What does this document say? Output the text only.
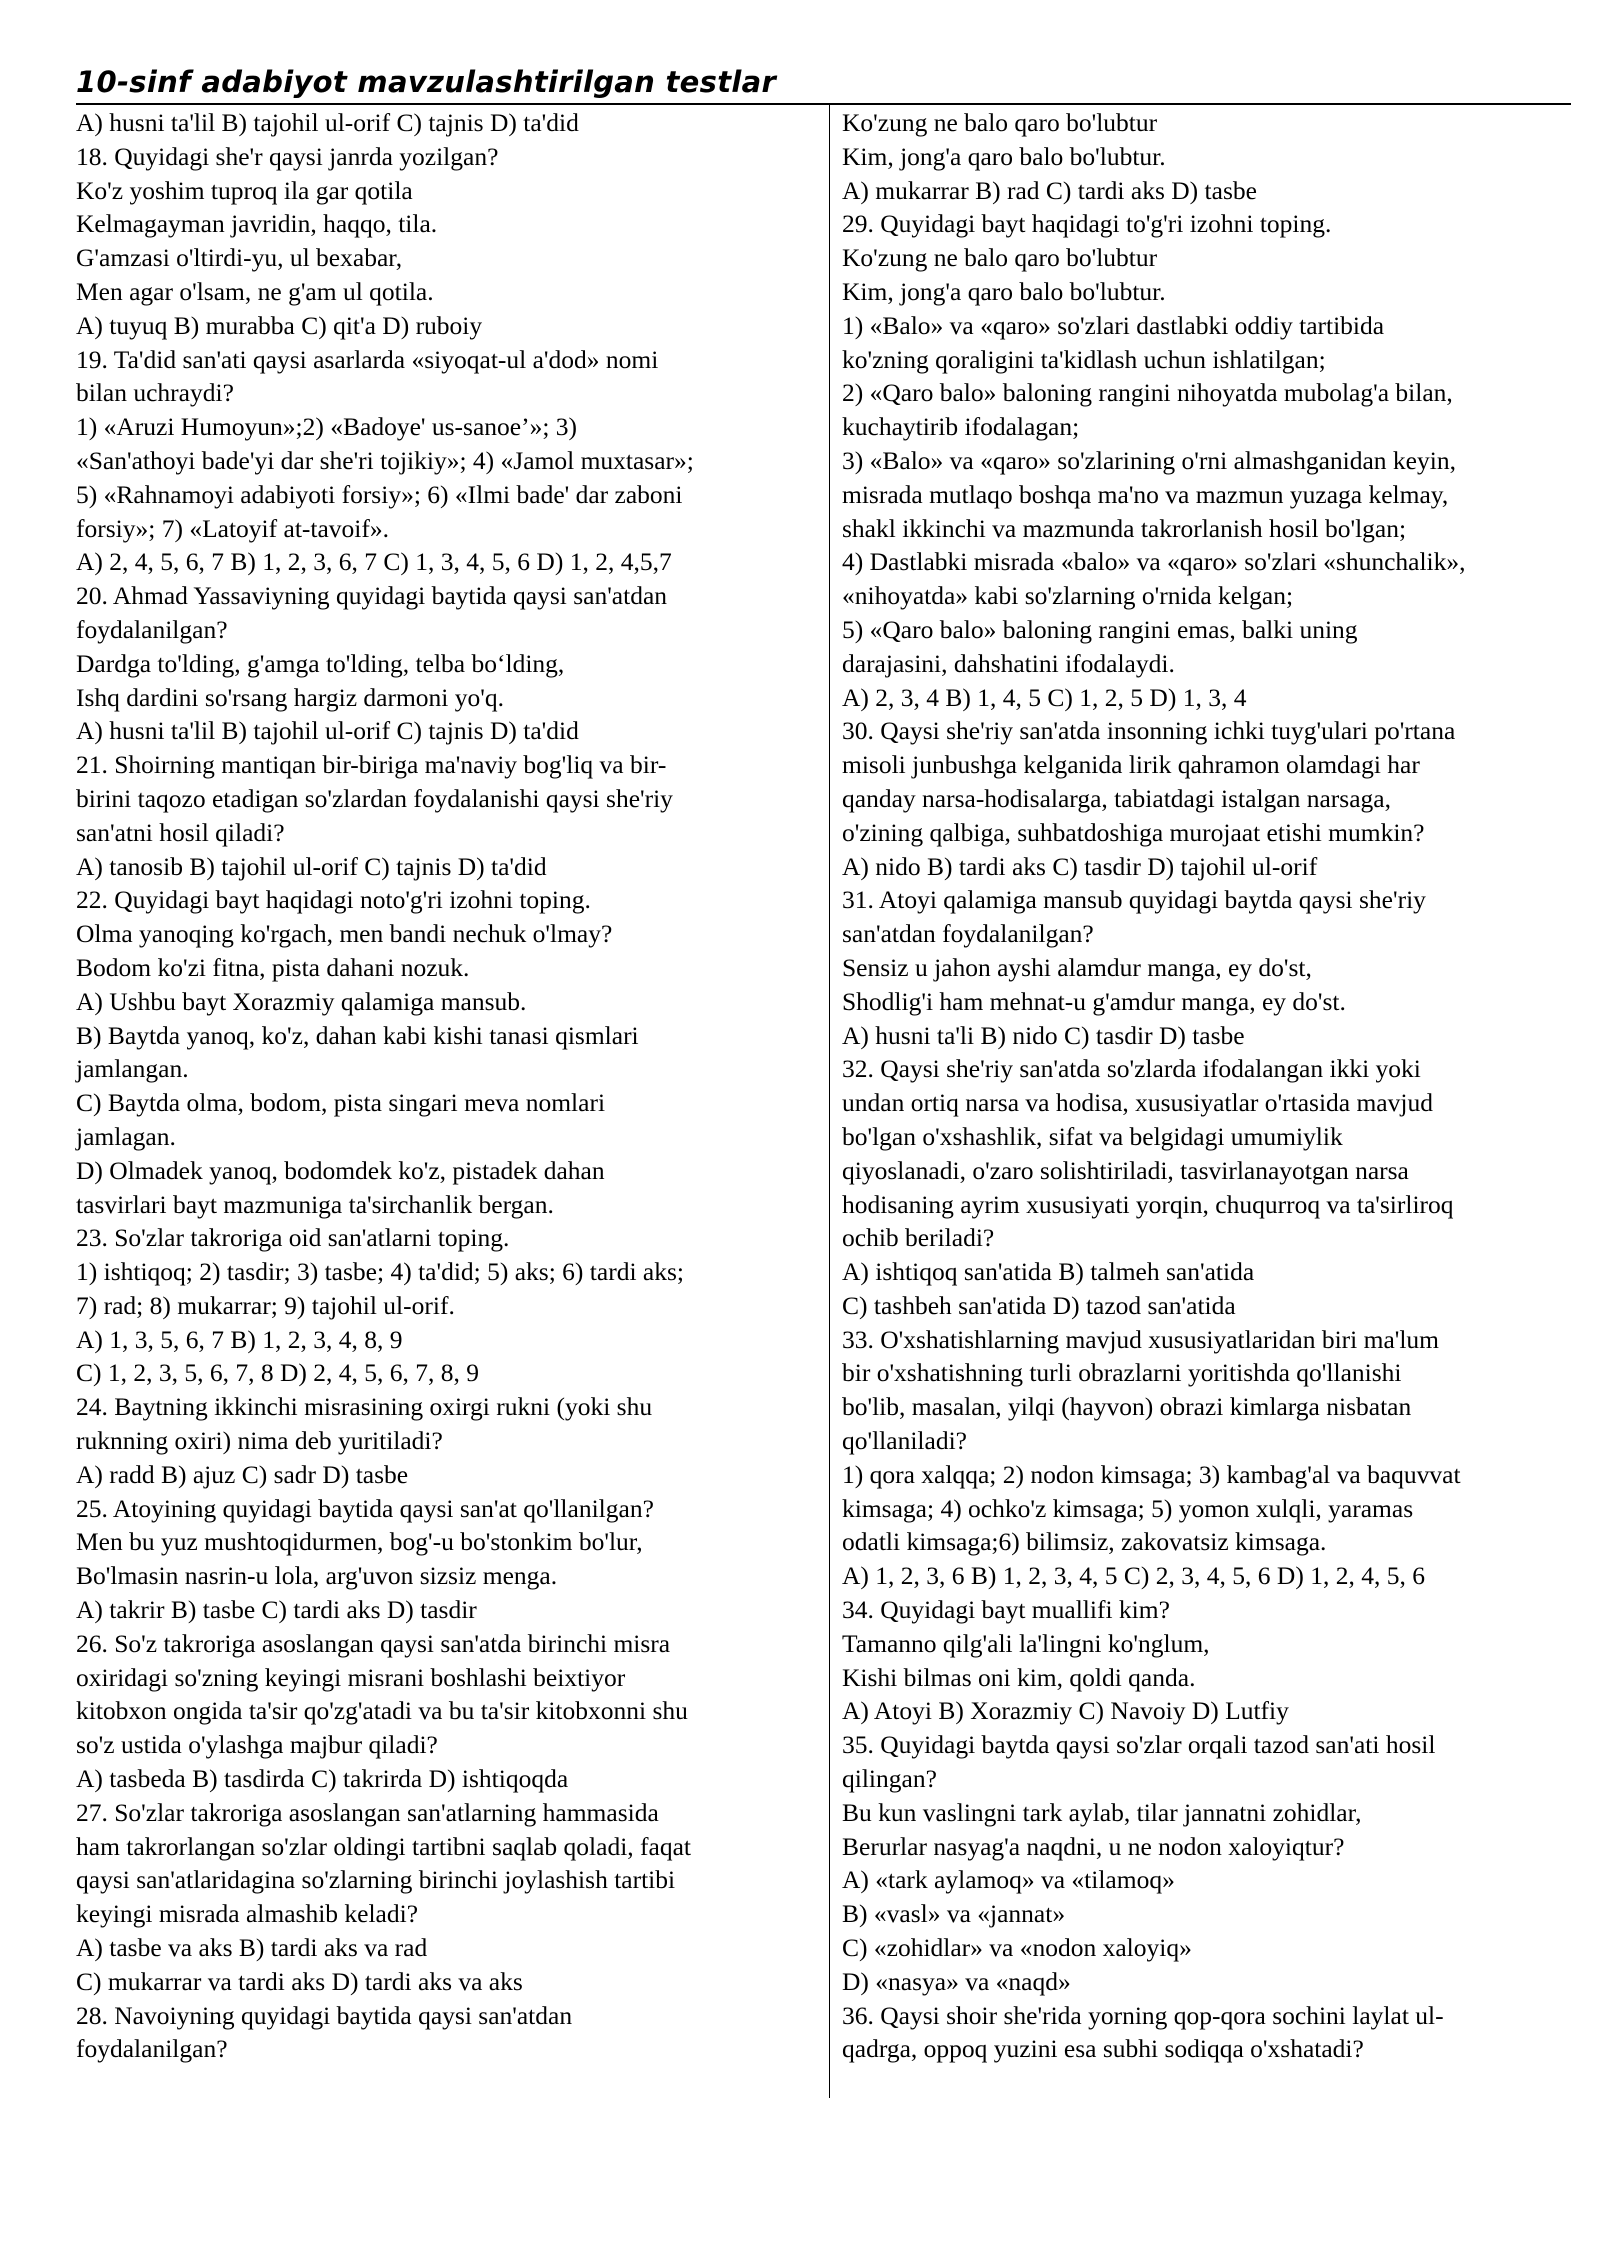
10-sinf adabiyot mavzulashtirilgan testlar
A) husni ta'lil B) tajohil ul-orif C) tajnis D) ta'did
18. Quyidagi she'r qaysi janrda yozilgan?
Ko'z yoshim tuproq ila gar qotila
Kelmagayman javridin, haqqo, tila.
G'amzasi o'ltirdi-yu, ul bexabar,
Men agar o'lsam, ne g'am ul qotila.
A) tuyuq B) murabba C) qit'a D) ruboiy
19. Ta'did san'ati qaysi asarlarda «siyoqat-ul a'dod» nomi
bilan uchraydi?
1) «Aruzi Humoyun»;2) «Badoye' us-sanoe’»; 3)
«San'athoyi bade'yi dar she'ri tojikiy»; 4) «Jamol muxtasar»;
5) «Rahnamoyi adabiyoti forsiy»; 6) «Ilmi bade' dar zaboni
forsiy»; 7) «Latoyif at-tavoif».
A) 2, 4, 5, 6, 7 B) 1, 2, 3, 6, 7 C) 1, 3, 4, 5, 6 D) 1, 2, 4,5,7
20. Ahmad Yassaviyning quyidagi baytida qaysi san'atdan
foydalanilgan?
Dardga to'lding, g'amga to'lding, telba bo‘lding,
Ishq dardini so'rsang hargiz darmoni yo'q.
A) husni ta'lil B) tajohil ul-orif C) tajnis D) ta'did
21. Shoirning mantiqan bir-biriga ma'naviy bog'liq va bir-
birini taqozo etadigan so'zlardan foydalanishi qaysi she'riy
san'atni hosil qiladi?
A) tanosib B) tajohil ul-orif C) tajnis D) ta'did
22. Quyidagi bayt haqidagi noto'g'ri izohni toping.
Olma yanoqing ko'rgach, men bandi nechuk o'lmay?
Bodom ko'zi fitna, pista dahani nozuk.
A) Ushbu bayt Xorazmiy qalamiga mansub.
B) Baytda yanoq, ko'z, dahan kabi kishi tanasi qismlari
jamlangan.
C) Baytda olma, bodom, pista singari meva nomlari
jamlagan.
D) Olmadek yanoq, bodomdek ko'z, pistadek dahan
tasvirlari bayt mazmuniga ta'sirchanlik bergan.
23. So'zlar takroriga oid san'atlarni toping.
1) ishtiqoq; 2) tasdir; 3) tasbe; 4) ta'did; 5) aks; 6) tardi aks;
7) rad; 8) mukarrar; 9) tajohil ul-orif.
A) 1, 3, 5, 6, 7 B) 1, 2, 3, 4, 8, 9
C) 1, 2, 3, 5, 6, 7, 8 D) 2, 4, 5, 6, 7, 8, 9
24. Baytning ikkinchi misrasining oxirgi rukni (yoki shu
ruknning oxiri) nima deb yuritiladi?
A) radd B) ajuz C) sadr D) tasbe
25. Atoyining quyidagi baytida qaysi san'at qo'llanilgan?
Men bu yuz mushtoqidurmen, bog'-u bo'stonkim bo'lur,
Bo'lmasin nasrin-u lola, arg'uvon sizsiz menga.
A) takrir B) tasbe C) tardi aks D) tasdir
26. So'z takroriga asoslangan qaysi san'atda birinchi misra
oxiridagi so'zning keyingi misrani boshlashi beixtiyor
kitobxon ongida ta'sir qo'zg'atadi va bu ta'sir kitobxonni shu
so'z ustida o'ylashga majbur qiladi?
A) tasbeda B) tasdirda C) takrirda D) ishtiqoqda
27. So'zlar takroriga asoslangan san'atlarning hammasida
ham takrorlangan so'zlar oldingi tartibni saqlab qoladi, faqat
qaysi san'atlaridagina so'zlarning birinchi joylashish tartibi
keyingi misrada almashib keladi?
A) tasbe va aks B) tardi aks va rad
C) mukarrar va tardi aks D) tardi aks va aks
28. Navoiyning quyidagi baytida qaysi san'atdan
foydalanilgan?
Ko'zung ne balo qaro bo'lubtur
Kim, jong'a qaro balo bo'lubtur.
A) mukarrar B) rad C) tardi aks D) tasbe
29. Quyidagi bayt haqidagi to'g'ri izohni toping.
Ko'zung ne balo qaro bo'lubtur
Kim, jong'a qaro balo bo'lubtur.
1) «Balo» va «qaro» so'zlari dastlabki oddiy tartibida
ko'zning qoraligini ta'kidlash uchun ishlatilgan;
2) «Qaro balo» baloning rangini nihoyatda mubolag'a bilan,
kuchaytirib ifodalagan;
3) «Balo» va «qaro» so'zlarining o'rni almashganidan keyin,
misrada mutlaqo boshqa ma'no va mazmun yuzaga kelmay,
shakl ikkinchi va mazmunda takrorlanish hosil bo'lgan;
4) Dastlabki misrada «balo» va «qaro» so'zlari «shunchalik»,
«nihoyatda» kabi so'zlarning o'rnida kelgan;
5) «Qaro balo» baloning rangini emas, balki uning
darajasini, dahshatini ifodalaydi.
A) 2, 3, 4 B) 1, 4, 5 C) 1, 2, 5 D) 1, 3, 4
30. Qaysi she'riy san'atda insonning ichki tuyg'ulari po'rtana
misoli junbushga kelganida lirik qahramon olamdagi har
qanday narsa-hodisalarga, tabiatdagi istalgan narsaga,
o'zining qalbiga, suhbatdoshiga murojaat etishi mumkin?
A) nido B) tardi aks C) tasdir D) tajohil ul-orif
31. Atoyi qalamiga mansub quyidagi baytda qaysi she'riy
san'atdan foydalanilgan?
Sensiz u jahon ayshi alamdur manga, ey do'st,
Shodlig'i ham mehnat-u g'amdur manga, ey do'st.
A) husni ta'li B) nido C) tasdir D) tasbe
32. Qaysi she'riy san'atda so'zlarda ifodalangan ikki yoki
undan ortiq narsa va hodisa, xususiyatlar o'rtasida mavjud
bo'lgan o'xshashlik, sifat va belgidagi umumiylik
qiyoslanadi, o'zaro solishtiriladi, tasvirlanayotgan narsa
hodisaning ayrim xususiyati yorqin, chuqurroq va ta'sirliroq
ochib beriladi?
A) ishtiqoq san'atida B) talmeh san'atida
C) tashbeh san'atida D) tazod san'atida
33. O'xshatishlarning mavjud xususiyatlaridan biri ma'lum
bir o'xshatishning turli obrazlarni yoritishda qo'llanishi
bo'lib, masalan, yilqi (hayvon) obrazi kimlarga nisbatan
qo'llaniladi?
1) qora xalqqa; 2) nodon kimsaga; 3) kambag'al va baquvvat
kimsaga; 4) ochko'z kimsaga; 5) yomon xulqli, yaramas
odatli kimsaga;6) bilimsiz, zakovatsiz kimsaga.
A) 1, 2, 3, 6 B) 1, 2, 3, 4, 5 C) 2, 3, 4, 5, 6 D) 1, 2, 4, 5, 6
34. Quyidagi bayt muallifi kim?
Tamanno qilg'ali la'lingni ko'nglum,
Kishi bilmas oni kim, qoldi qanda.
A) Atoyi B) Xorazmiy C) Navoiy D) Lutfiy
35. Quyidagi baytda qaysi so'zlar orqali tazod san'ati hosil
qilingan?
Bu kun vaslingni tark aylab, tilar jannatni zohidlar,
Berurlar nasyag'a naqdni, u ne nodon xaloyiqtur?
A) «tark aylamoq» va «tilamoq»
B) «vasl» va «jannat»
C) «zohidlar» va «nodon xaloyiq»
D) «nasya» va «naqd»
36. Qaysi shoir she'rida yorning qop-qora sochini laylat ul-
qadrga, oppoq yuzini esa subhi sodiqqa o'xshatadi?
